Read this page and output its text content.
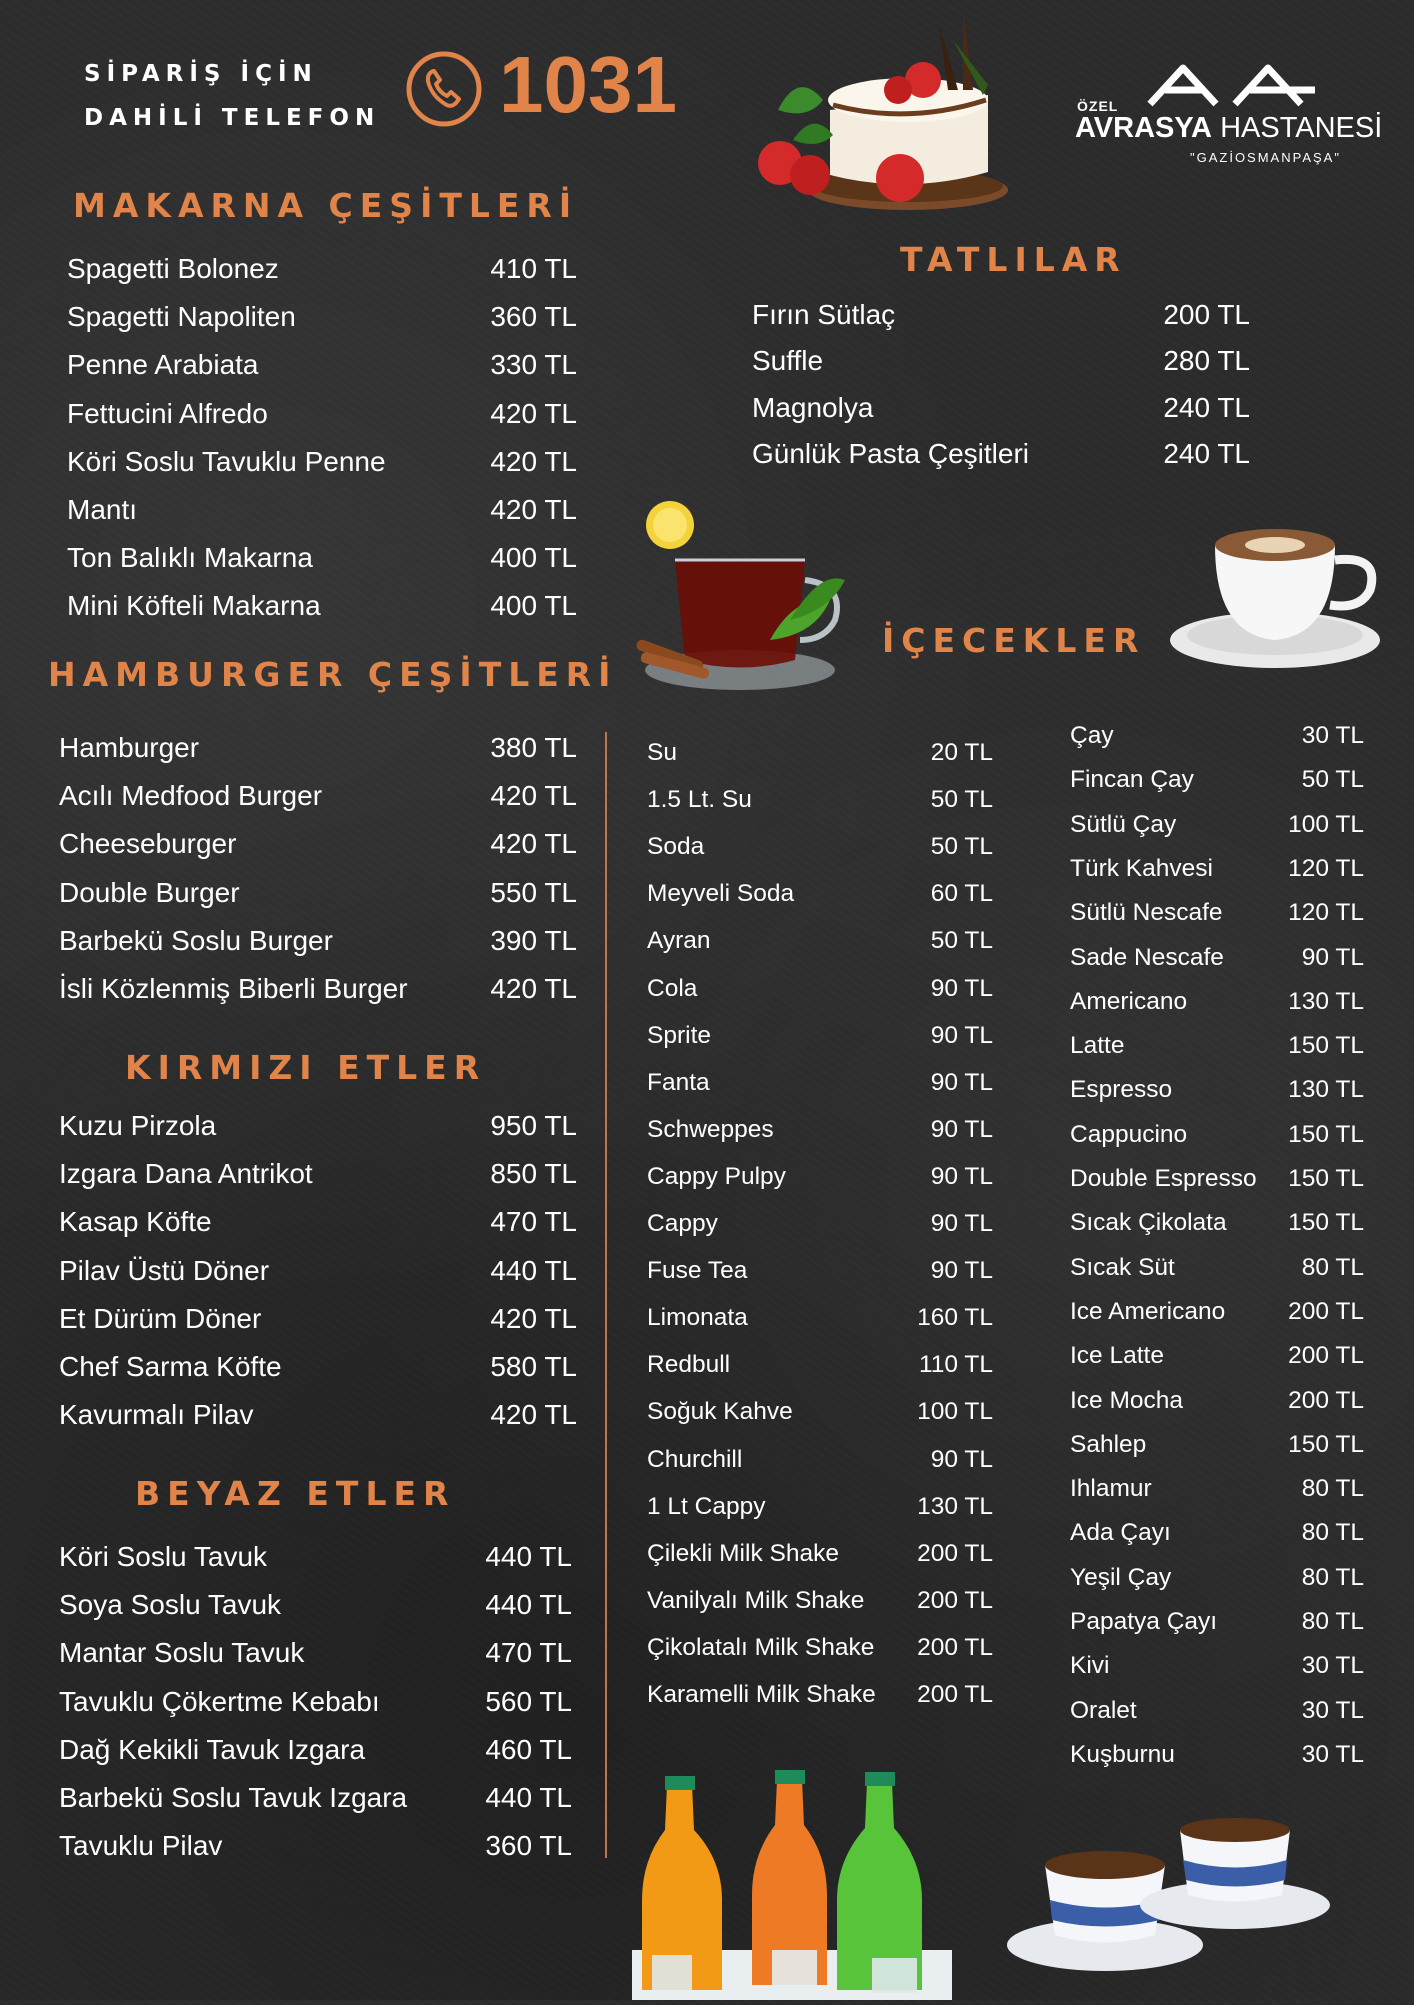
SİPARİŞ İÇİN
DAHİLİ TELEFON 1031	ÖZEL
AVRASYA HASTANESİ
"GAZİOSMANPAŞA"
MAKARNA ÇEŞİTLERİ
Spagetti Bolonez	410 TL
Spagetti Napoliten	360 TL
Penne Arabiata	330 TL
Fettucini Alfredo	420 TL
Köri Soslu Tavuklu Penne	420 TL
Mantı	420 TL
Ton Balıklı Makarna	400 TL
Mini Köfteli Makarna	400 TL
TATLILAR
Fırın Sütlaç	200 TL
Suffle	280 TL
Magnolya	240 TL
Günlük Pasta Çeşitleri	240 TL
HAMBURGER ÇEŞİTLERİ
Hamburger	380 TL
Acılı Medfood Burger	420 TL
Cheeseburger	420 TL
Double Burger	550 TL
Barbekü Soslu Burger	390 TL
İsli Közlenmiş Biberli Burger	420 TL
KIRMIZI ETLER
Kuzu Pirzola	950 TL
Izgara Dana Antrikot	850 TL
Kasap Köfte	470 TL
Pilav Üstü Döner	440 TL
Et Dürüm Döner	420 TL
Chef Sarma Köfte	580 TL
Kavurmalı Pilav	420 TL
BEYAZ ETLER
Köri Soslu Tavuk	440 TL
Soya Soslu Tavuk	440 TL
Mantar Soslu Tavuk	470 TL
Tavuklu Çökertme Kebabı	560 TL
Dağ Kekikli Tavuk Izgara	460 TL
Barbekü Soslu Tavuk Izgara	440 TL
Tavuklu Pilav	360 TL
İÇECEKLER
Su	20 TL
1.5 Lt. Su	50 TL
Soda	50 TL
Meyveli Soda	60 TL
Ayran	50 TL
Cola	90 TL
Sprite	90 TL
Fanta	90 TL
Schweppes	90 TL
Cappy Pulpy	90 TL
Cappy	90 TL
Fuse Tea	90 TL
Limonata	160 TL
Redbull	110 TL
Soğuk Kahve	100 TL
Churchill	90 TL
1 Lt Cappy	130 TL
Çilekli Milk Shake	200 TL
Vanilyalı Milk Shake 200 TL
Çikolatalı Milk Shake 200 TL
Karamelli Milk Shake 200 TL
Çay	30 TL
Fincan Çay	50 TL
Sütlü Çay	100 TL
Türk Kahvesi	120 TL
Sütlü Nescafe	120 TL
Sade Nescafe	90 TL
Americano	130 TL
Latte	150 TL
Espresso	130 TL
Cappucino	150 TL
Double Espresso 150 TL
Sıcak Çikolata	150 TL
Sıcak Süt	80 TL
Ice Americano	200 TL
Ice Latte	200 TL
Ice Mocha	200 TL
Sahlep	150 TL
Ihlamur	80 TL
Ada Çayı	80 TL
Yeşil Çay	80 TL
Papatya Çayı	80 TL
Kivi	30 TL
Oralet	30 TL
Kuşburnu	30 TL
